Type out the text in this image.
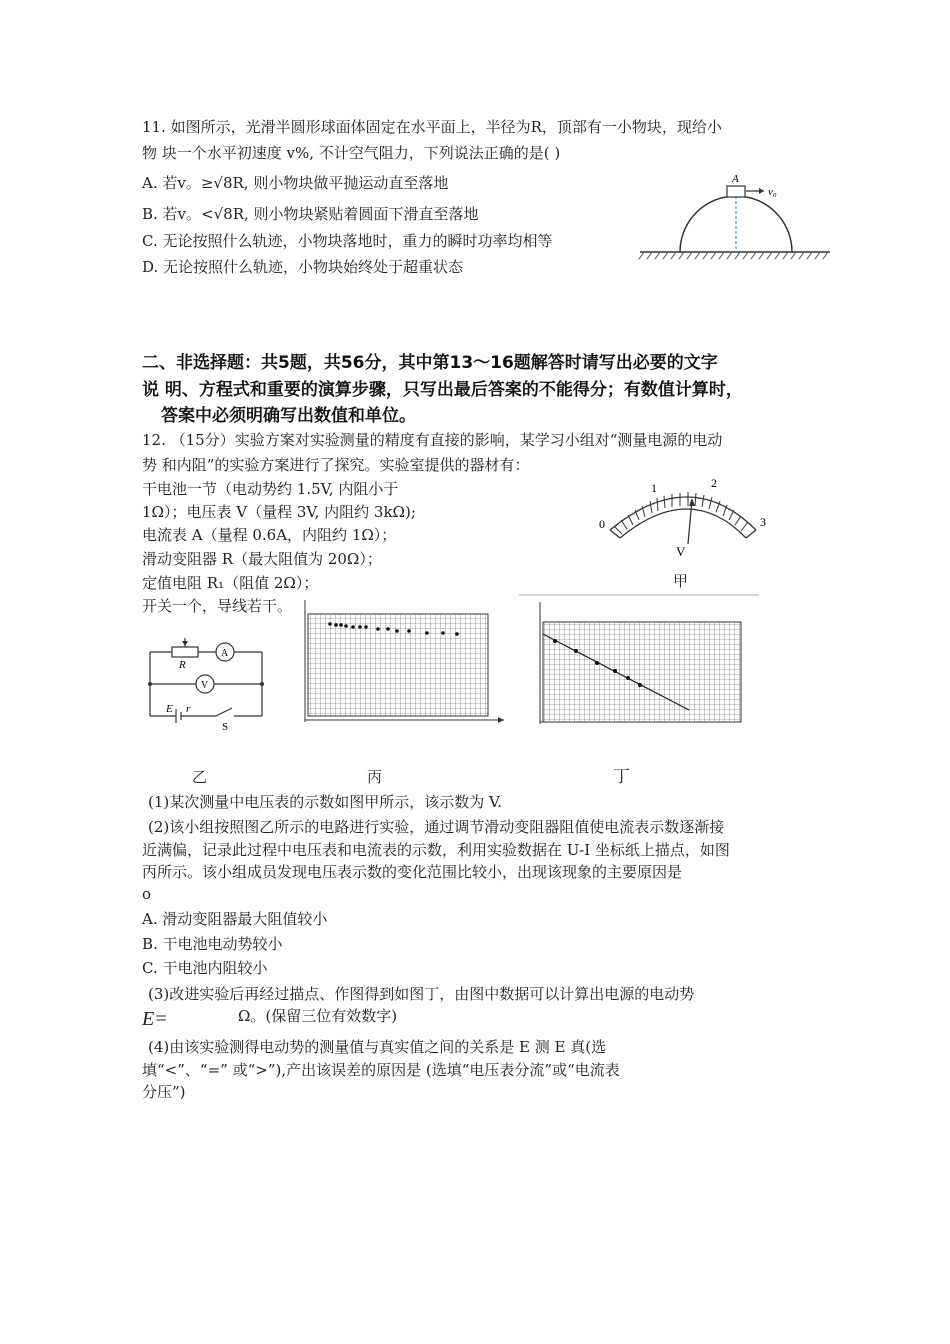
11. 如图所示，光滑半圆形球面体固定在水平面上，半径为R，顶部有一小物块，现给小
物 块一个水平初速度 v%, 不计空气阻力，下列说法正确的是( )
A. 若v。≥√8R, 则小物块做平抛运动直至落地
B. 若v。<√8R, 则小物块紧贴着圆面下滑直至落地
C. 无论按照什么轨迹，小物块落地时，重力的瞬时功率均相等
D. 无论按照什么轨迹，小物块始终处于超重状态
A
v₀
二、非选择题：共5题，共56分，其中第13～16题解答时请写出必要的文字
说 明、方程式和重要的演算步骤，只写出最后答案的不能得分；有数值计算时，
答案中必须明确写出数值和单位。
12. （15分）实验方案对实验测量的精度有直接的影响，某学习小组对“测量电源的电动
势 和内阻”的实验方案进行了探究。实验室提供的器材有：
干电池一节（电动势约 1.5V, 内阻小于
1Ω）；电压表 V（量程 3V, 内阻约 3kΩ);
电流表 A（量程 0.6A，内阻约 1Ω）；
滑动变阻器 R（最大阻值为 20Ω）；
定值电阻 R₁（阻值 2Ω）；
开关一个，导线若干。
0
1	2
3
V
甲
R
A
V
E r
S
乙	丙	丁
(1)某次测量中电压表的示数如图甲所示，该示数为 V.
(2)该小组按照图乙所示的电路进行实验，通过调节滑动变阻器阻值使电流表示数逐渐接
近满偏，记录此过程中电压表和电流表的示数，利用实验数据在 U-I 坐标纸上描点，如图
丙所示。该小组成员发现电压表示数的变化范围比较小，出现该现象的主要原因是
o
A. 滑动变阻器最大阻值较小
B. 干电池电动势较小
C. 干电池内阻较小
(3)改进实验后再经过描点、作图得到如图丁，由图中数据可以计算出电源的电动势
E=	Ω。(保留三位有效数字)
(4)由该实验测得电动势的测量值与真实值之间的关系是 E 测 E 真(选
填“<”、“=” 或“>”),产出该误差的原因是 (选填“电压表分流”或“电流表
分压”)
